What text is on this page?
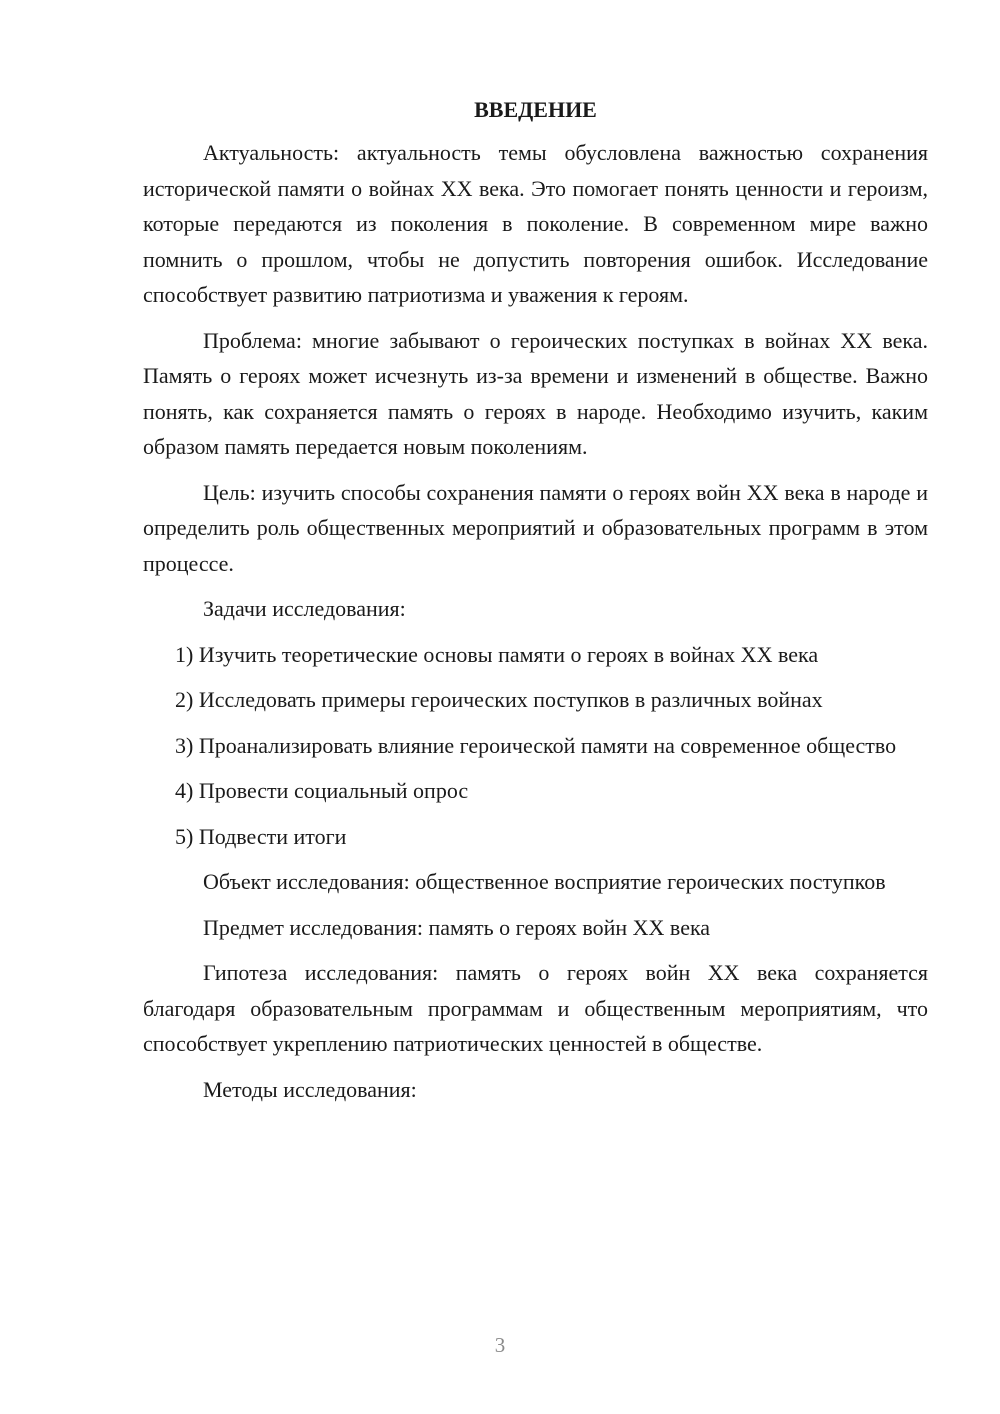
ВВЕДЕНИЕ

Актуальность: актуальность темы обусловлена важностью сохранения исторической памяти о войнах XX века. Это помогает понять ценности и героизм, которые передаются из поколения в поколение. В современном мире важно помнить о прошлом, чтобы не допустить повторения ошибок. Исследование способствует развитию патриотизма и уважения к героям.

Проблема: многие забывают о героических поступках в войнах XX века. Память о героях может исчезнуть из-за времени и изменений в обществе. Важно понять, как сохраняется память о героях в народе. Необходимо изучить, каким образом память передается новым поколениям.

Цель: изучить способы сохранения памяти о героях войн XX века в народе и определить роль общественных мероприятий и образовательных программ в этом процессе.

Задачи исследования:

1) Изучить теоретические основы памяти о героях в войнах XX века

2) Исследовать примеры героических поступков в различных войнах

3) Проанализировать влияние героической памяти на современное общество

4) Провести социальный опрос

5) Подвести итоги

Объект исследования: общественное восприятие героических поступков

Предмет исследования: память о героях войн XX века

Гипотеза исследования: память о героях войн XX века сохраняется благодаря образовательным программам и общественным мероприятиям, что способствует укреплению патриотических ценностей в обществе.

Методы исследования:

3
